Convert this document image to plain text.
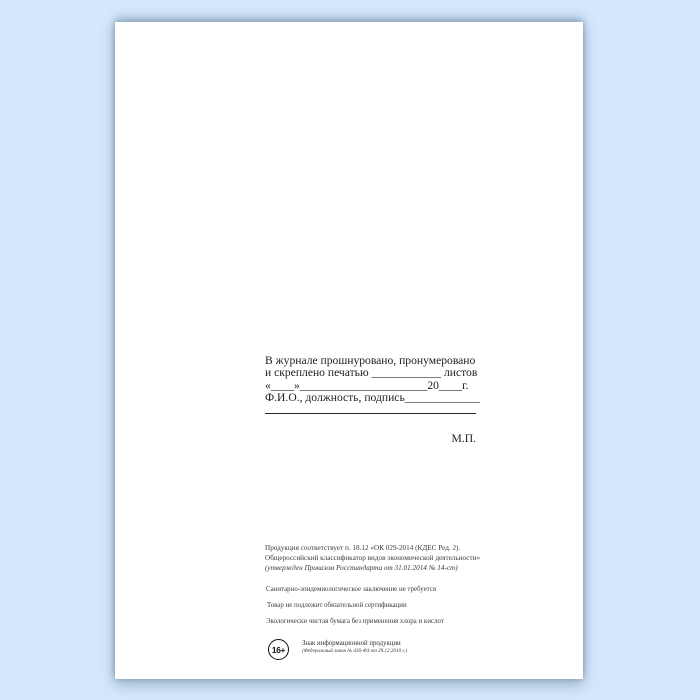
В журнале прошнуровано, пронумеровано
и скреплено печатью ____________ листов
«____»______________________20____г.
Ф.И.О., должность, подпись_____________
М.П.
Продукция соответствует п. 18.12 «ОК 029-2014 (КДЕС Ред. 2).
Общероссийский классификатор видов экономической деятельности»
(утвержден Приказом Росстандарта от 31.01.2014 № 14-ст)
Санитарно-эпидемиологическое заключение не требуется
Товар не подлежит обязательной сертификации
Экологически чистая бумага без применения хлора и кислот
16+
Знак информационной продукции
(Федеральный закон № 436-ФЗ от 29.12.2010 г.)
